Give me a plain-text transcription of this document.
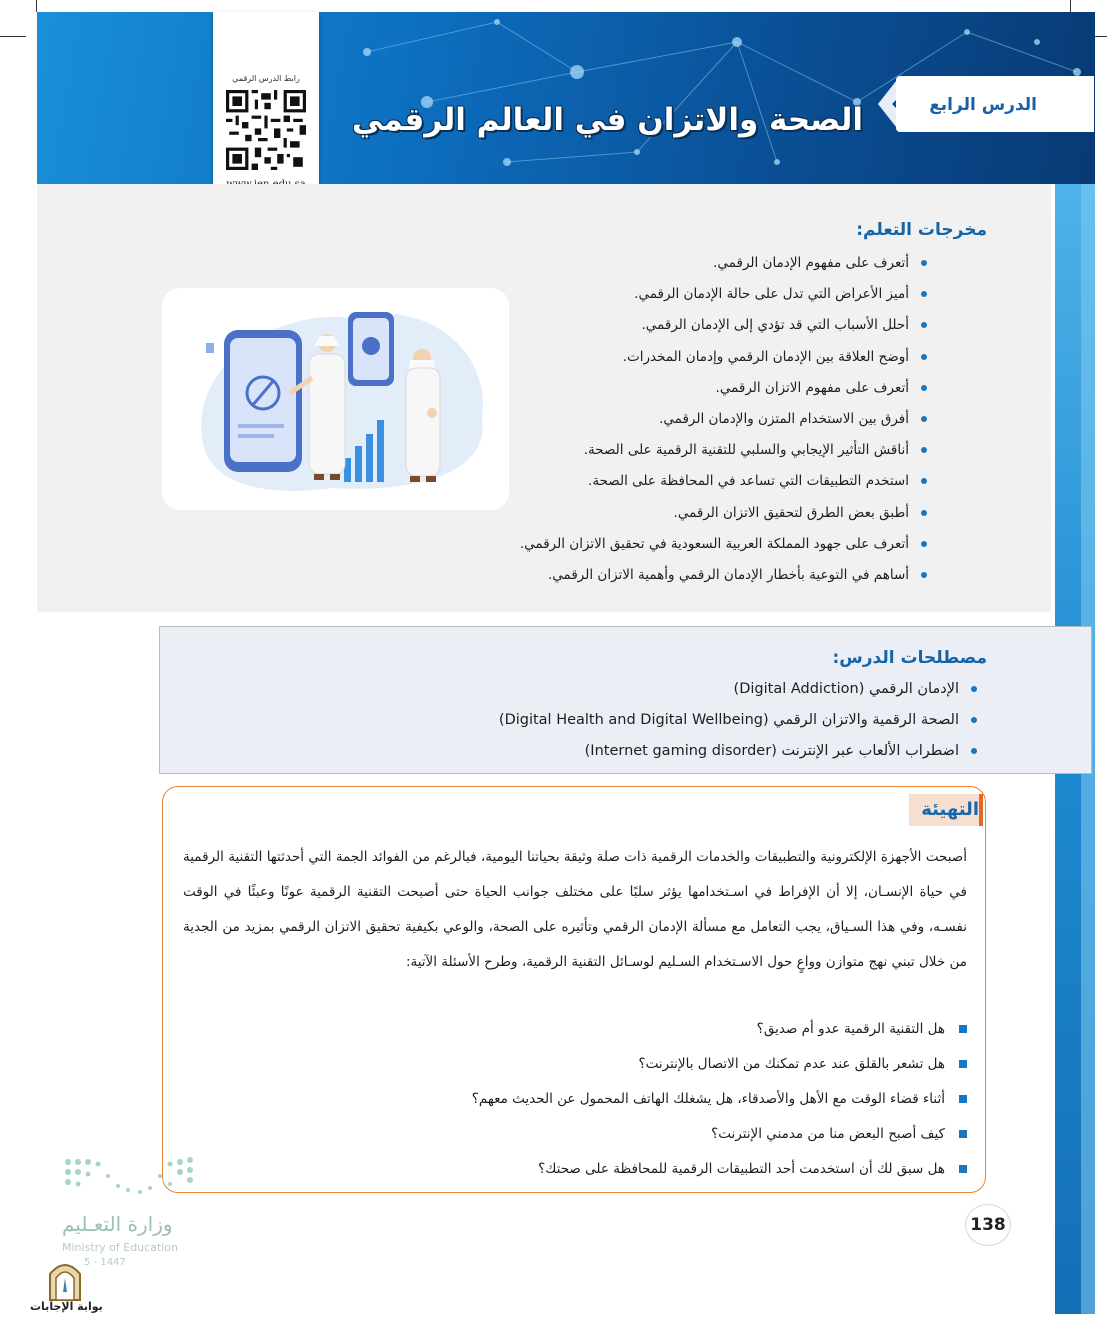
الدرس الرابع
الصحة والاتزان في العالم الرقمي
رابط الدرس الرقمي
مخرجات التعلم:
أتعرف على مفهوم الإدمان الرقمي.
أميز الأعراض التي تدل على حالة الإدمان الرقمي.
أحلل الأسباب التي قد تؤدي إلى الإدمان الرقمي.
أوضح العلاقة بين الإدمان الرقمي وإدمان المخدرات.
أتعرف على مفهوم الاتزان الرقمي.
أفرق بين الاستخدام المتزن والإدمان الرقمي.
أناقش التأثير الإيجابي والسلبي للتقنية الرقمية على الصحة.
استخدم التطبيقات التي تساعد في المحافظة على الصحة.
أطبق بعض الطرق لتحقيق الاتزان الرقمي.
أتعرف على جهود المملكة العربية السعودية في تحقيق الاتزان الرقمي.
أساهم في التوعية بأخطار الإدمان الرقمي وأهمية الاتزان الرقمي.
مصطلحات الدرس:
الإدمان الرقمي (Digital Addiction)
الصحة الرقمية والاتزان الرقمي (Digital Health and Digital Wellbeing)
اضطراب الألعاب عبر الإنترنت (Internet gaming disorder)
التهيئة
أصبحت الأجهزة الإلكترونية والتطبيقات والخدمات الرقمية ذات صلة وثيقة بحياتنا اليومية، فبالرغم من الفوائد الجمة التي أحدثتها التقنية الرقمية في حياة الإنسـان، إلا أن الإفراط في اسـتخدامها يؤثر سلبًا على مختلف جوانب الحياة حتى أصبحت التقنية الرقمية عونًا وعبئًا في الوقت نفسـه، وفي هذا السـياق، يجب التعامل مع مسألة الإدمان الرقمي وتأثيره على الصحة، والوعي بكيفية تحقيق الاتزان الرقمي بمزيد من الجدية من خلال تبني نهج متوازن وواعٍ حول الاسـتخدام السـليم لوسـائل التقنية الرقمية، وطرح الأسئلة الآتية:
هل التقنية الرقمية عدو أم صديق؟
هل تشعر بالقلق عند عدم تمكنك من الاتصال بالإنترنت؟
أثناء قضاء الوقت مع الأهل والأصدقاء، هل يشغلك الهاتف المحمول عن الحديث معهم؟
كيف أصبح البعض منا من مدمني الإنترنت؟
هل سبق لك أن استخدمت أحد التطبيقات الرقمية للمحافظة على صحتك؟
138
وزارة التعـليم
Ministry of Education
5 - 1447
بوابة الإجابات
